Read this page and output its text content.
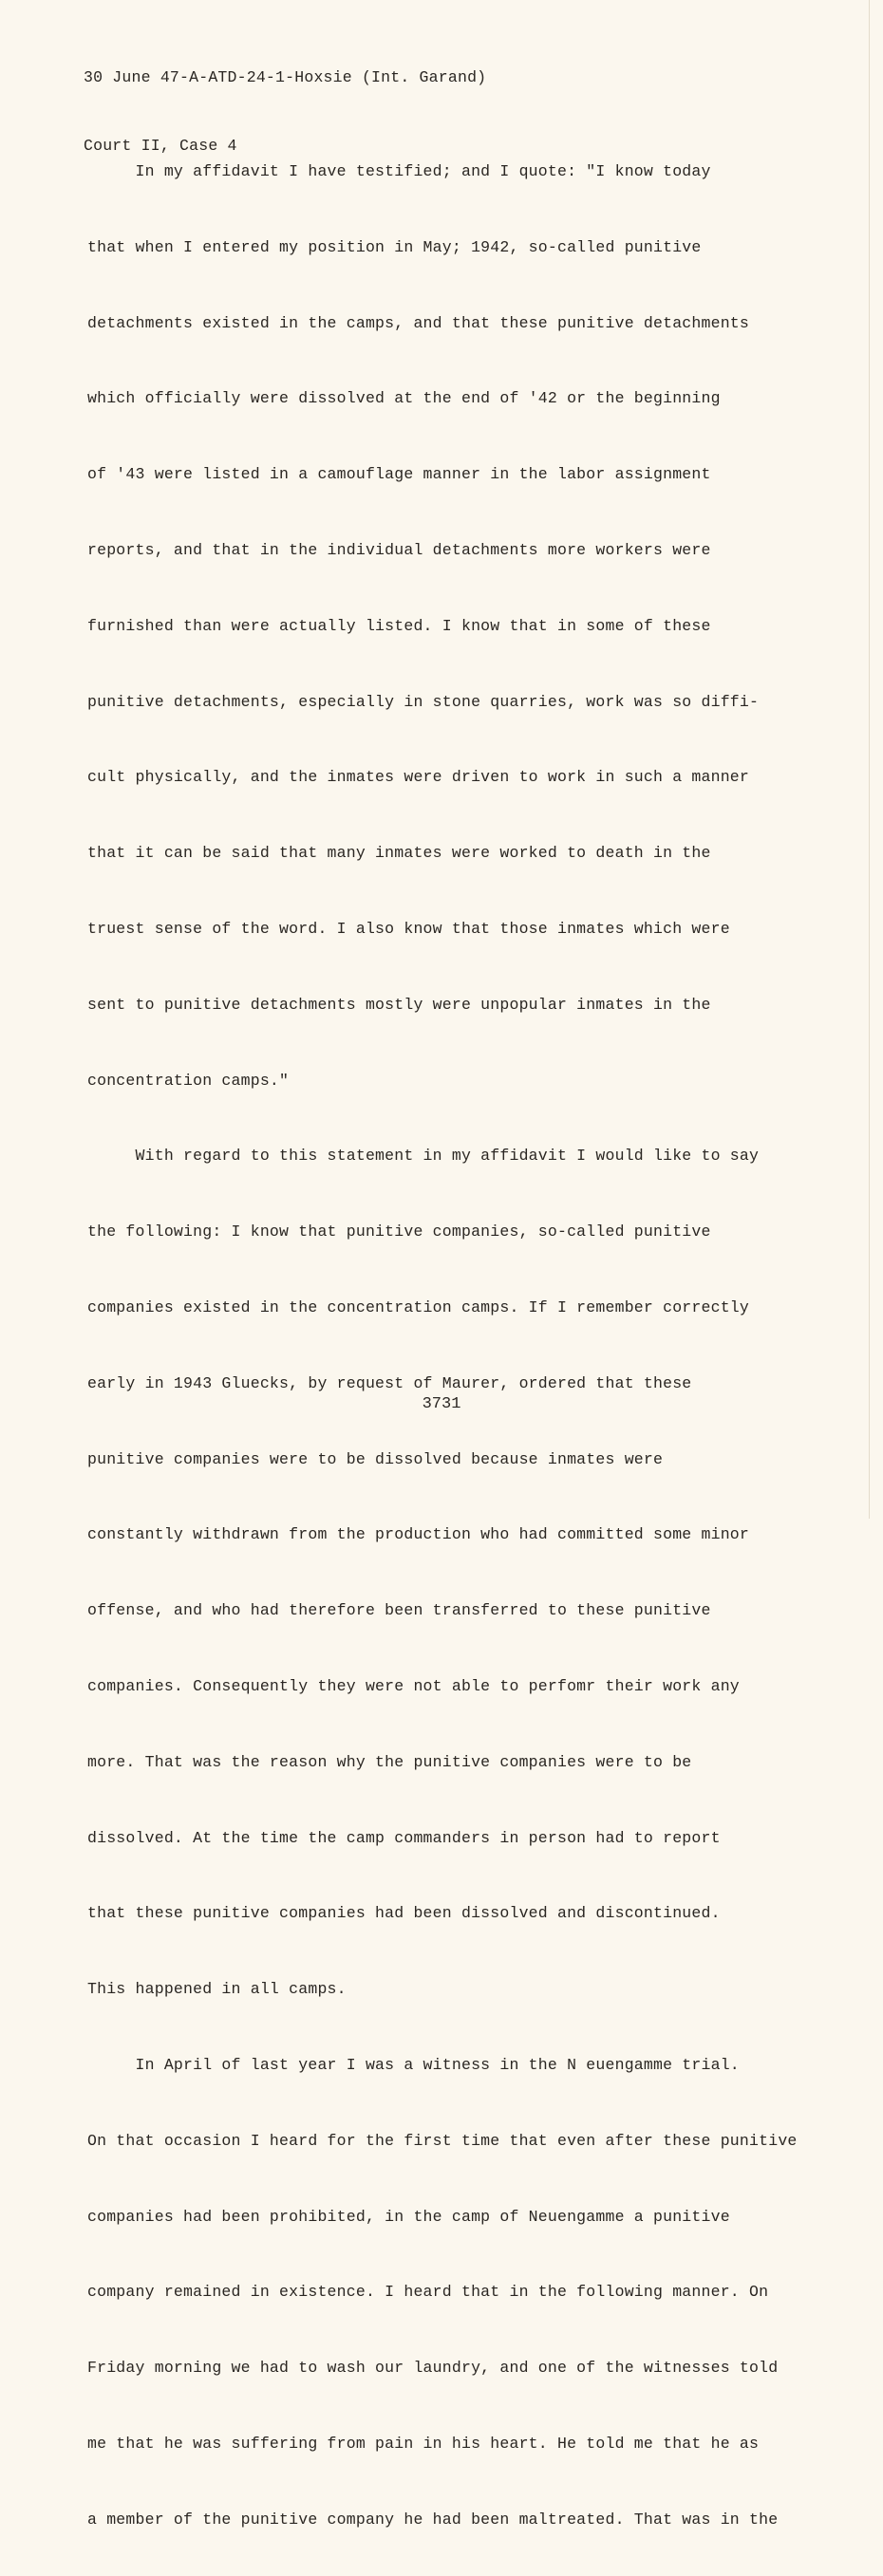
30 June 47-A-ATD-24-1-Hoxsie (Int. Garand)

Court II, Case 4

In my affidavit I have testified; and I quote: "I know today

that when I entered my position in May; 1942, so-called punitive

detachments existed in the camps, and that these punitive detachments

which officially were dissolved at the end of '42 or the beginning

of '43 were listed in a camouflage manner in the labor assignment

reports, and that in the individual detachments more workers were

furnished than were actually listed. I know that in some of these

punitive detachments, especially in stone quarries, work was so diffi-

cult physically, and the inmates were driven to work in such a manner

that it can be said that many inmates were worked to death in the

truest sense of the word. I also know that those inmates which were

sent to punitive detachments mostly were unpopular inmates in the

concentration camps."

With regard to this statement in my affidavit I would like to say

the following: I know that punitive companies, so-called punitive

companies existed in the concentration camps. If I remember correctly

early in 1943 Gluecks, by request of Maurer, ordered that these

punitive companies were to be dissolved because inmates were

constantly withdrawn from the production who had committed some minor

offense, and who had therefore been transferred to these punitive

companies. Consequently they were not able to perfomr their work any

more. That was the reason why the punitive companies were to be

dissolved. At the time the camp commanders in person had to report

that these punitive companies had been dissolved and discontinued.

This happened in all camps.

In April of last year I was a witness in the N euengamme trial.

On that occasion I heard for the first time that even after these punitive

companies had been prohibited, in the camp of Neuengamme a punitive

company remained in existence. I heard that in the following manner. On

Friday morning we had to wash our laundry, and one of the witnesses told

me that he was suffering from pain in his heart. He told me that he as

a member of the punitive company he had been maltreated. That was in the

3731
